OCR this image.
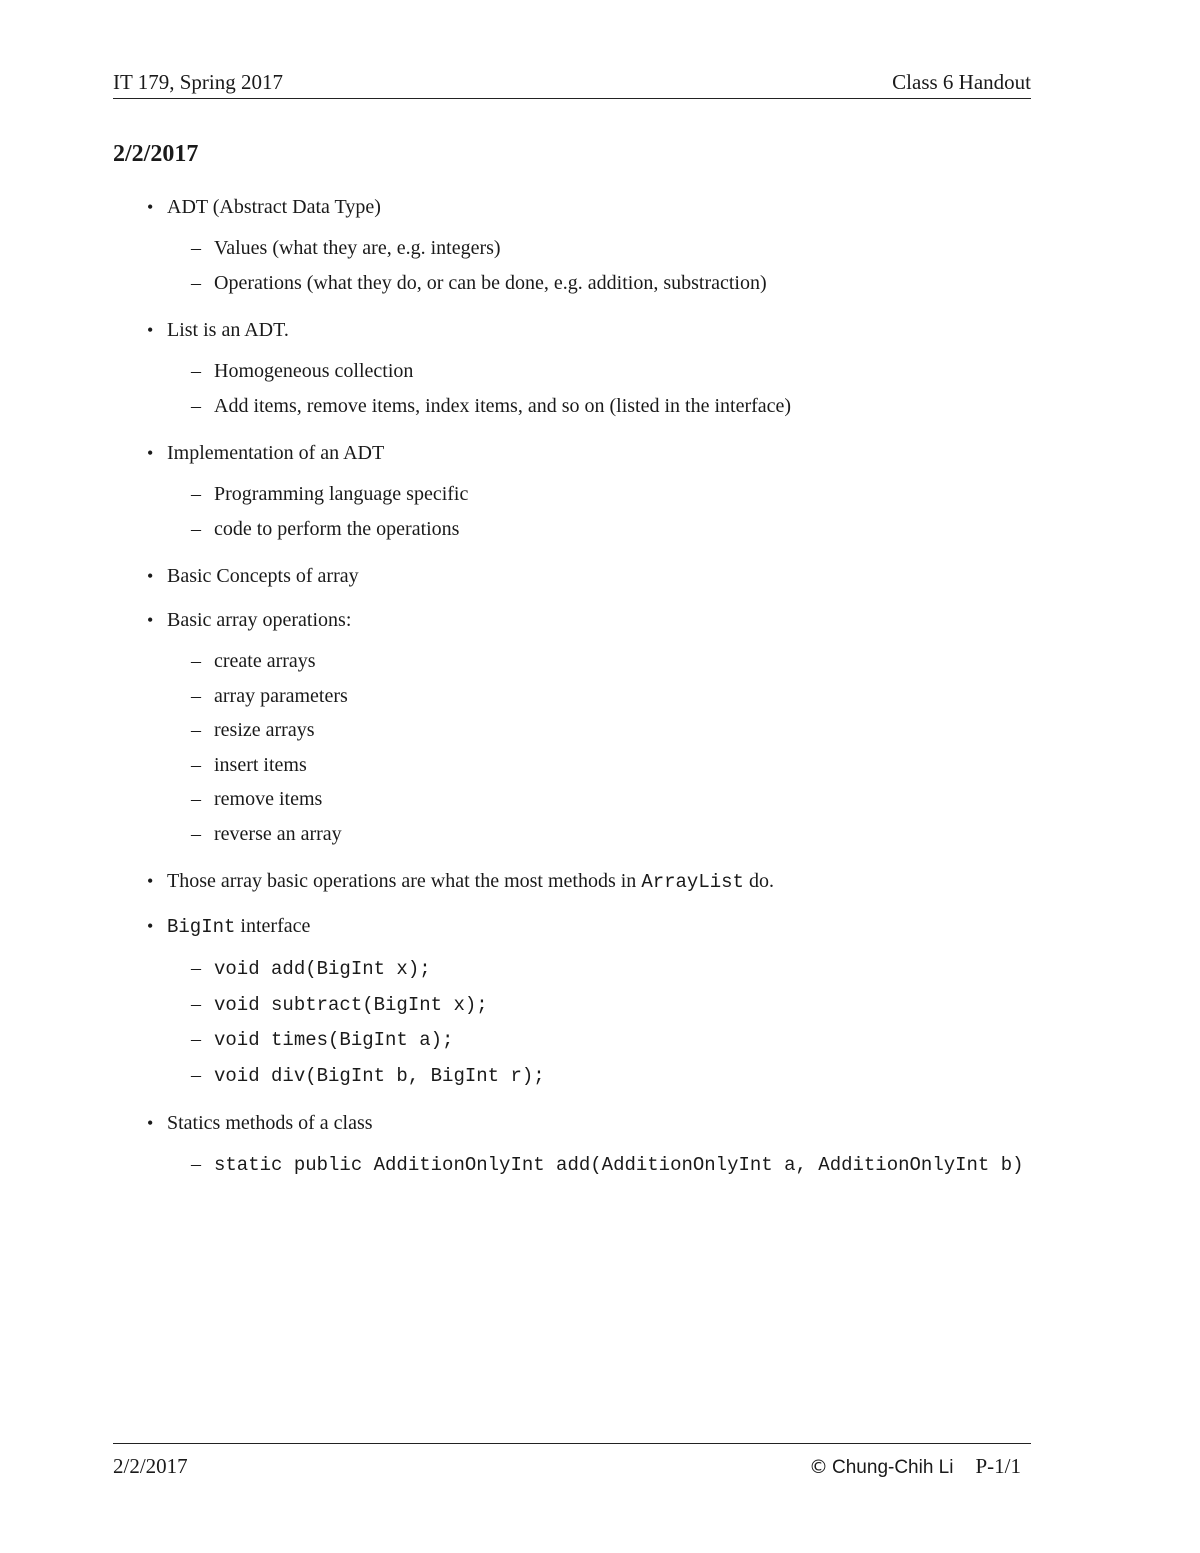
IT 179, Spring 2017	Class 6 Handout
2/2/2017
• ADT (Abstract Data Type)
– Values (what they are, e.g. integers)
– Operations (what they do, or can be done, e.g. addition, substraction)
• List is an ADT.
– Homogeneous collection
– Add items, remove items, index items, and so on (listed in the interface)
• Implementation of an ADT
– Programming language specific
– code to perform the operations
• Basic Concepts of array
• Basic array operations:
– create arrays
– array parameters
– resize arrays
– insert items
– remove items
– reverse an array
• Those array basic operations are what the most methods in ArrayList do.
• BigInt interface
– void add(BigInt x);
– void subtract(BigInt x);
– void times(BigInt a);
– void div(BigInt b, BigInt r);
• Statics methods of a class
– static public AdditionOnlyInt add(AdditionOnlyInt a, AdditionOnlyInt b)
2/2/2017	© Chung-Chih Li P-1/1
